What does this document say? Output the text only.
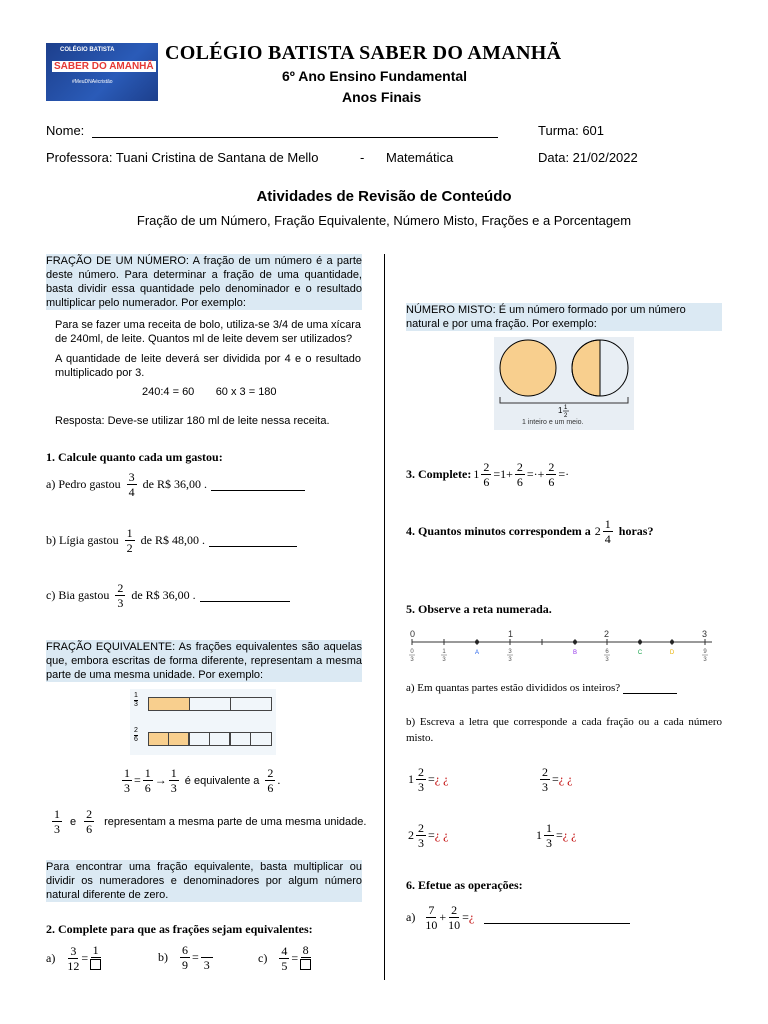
COLÉGIO BATISTA
SABER DO AMANHÃ
#MeuDNAécristão
COLÉGIO BATISTA SABER DO AMANHÃ
6º Ano Ensino Fundamental
Anos Finais
Nome:	Turma: 601
Professora: Tuani Cristina de Santana de Mello	- Matemática	Data: 21/02/2022
Atividades de Revisão de Conteúdo
Fração de um Número, Fração Equivalente, Número Misto, Frações e a Porcentagem
FRAÇÃO DE UM NÚMERO: A fração de um número é a parte deste número. Para determinar a fração de uma quantidade, basta dividir essa quantidade pelo denominador e o resultado multiplicar pelo numerador. Por exemplo:
Para se fazer uma receita de bolo, utiliza-se 3/4 de uma xícara de 240ml, de leite. Quantos ml de leite devem ser utilizados?
A quantidade de leite deverá ser dividida por 4 e o resultado multiplicado por 3.
240:4 = 60       60 x 3 = 180
Resposta: Deve-se utilizar 180 ml de leite nessa receita.
1. Calcule quanto cada um gastou:
a) Pedro gastou $\frac{3}{4}$ de R$ 36,00 .
b) Lígia gastou $\frac{1}{2}$ de R$ 48,00 .
c) Bia gastou $\frac{2}{3}$ de R$ 36,00 .
FRAÇÃO EQUIVALENTE: As frações equivalentes são aquelas que, embora escritas de forma diferente, representam a mesma parte de uma mesma unidade. Por exemplo:
1
3
2
6
$\frac{1}{3} = \frac{1}{6} \to \frac{1}{3}$ é equivalente a $\frac{2}{6}$ .
$\frac{1}{3}$ e $\frac{2}{6}$ representam a mesma parte de uma mesma unidade.
Para encontrar uma fração equivalente, basta multiplicar ou dividir os numeradores e denominadores por algum número natural diferente de zero.
2. Complete para que as frações sejam equivalentes:
$a) \frac{3}{12}$ =
1	$b) \frac{6}{9}$ =
3
$c) \frac{4}{5}$ =
8
NÚMERO MISTO: É um número formado por um número natural e por uma fração. Por exemplo:
1 1
2
1 inteiro e um meio.
3. Complete: $1 \frac{2}{6} =1+ \frac{2}{6}$ =·+ $\frac{2}{6}$ =·
4. Quantos minutos correspondem a $2 \frac{1}{4}$ horas?
5. Observe a reta numerada.
0	1	2	3
0
3
1
3
3
3
6
3
9
3
A	B	C	D
a) Em quantas partes estão divididos os inteiros?
b) Escreva a letra que corresponde a cada fração ou a cada número misto.
$1 \frac{2}{3}$ = ¿ ¿	$\frac{2}{3}$ = ¿ ¿
$2 \frac{2}{3}$ = ¿ ¿	$1 \frac{1}{3}$ = ¿ ¿
6. Efetue as operações:
$a) \frac{7}{10} + \frac{2}{10}$ = ¿
